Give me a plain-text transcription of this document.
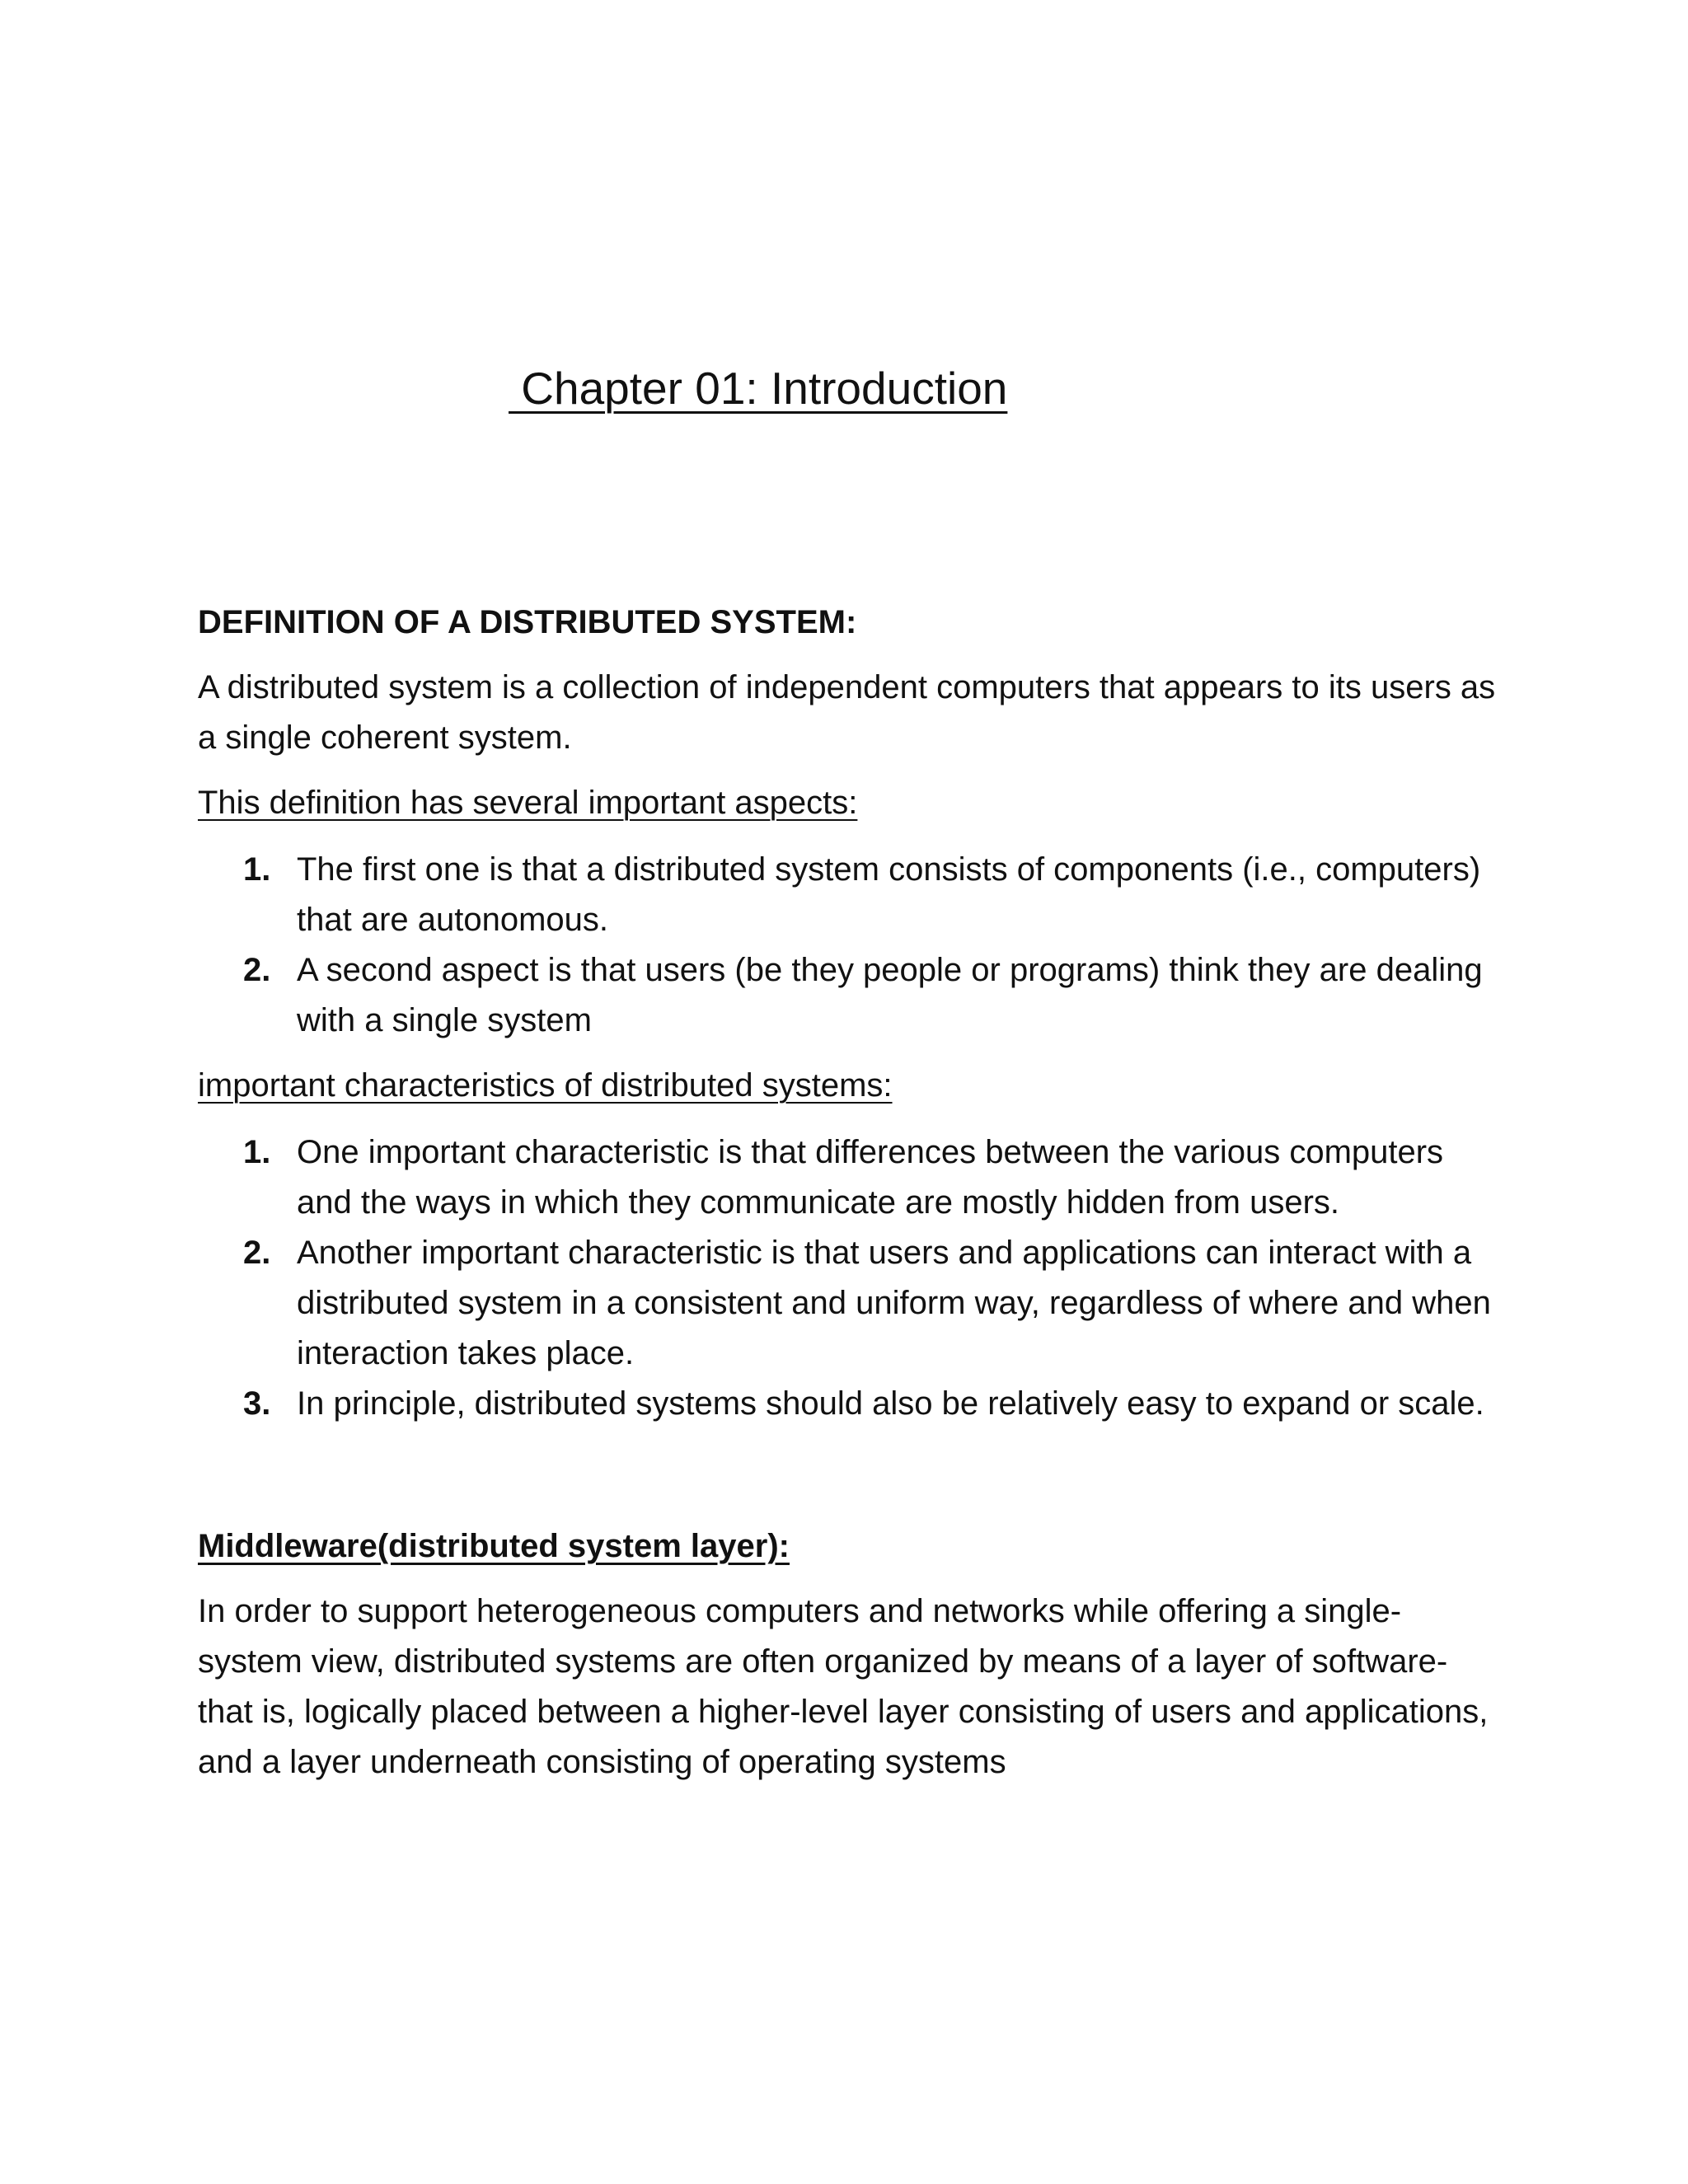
Chapter 01: Introduction

DEFINITION OF A DISTRIBUTED SYSTEM:

A distributed system is a collection of independent computers that appears to its users as a single coherent system.

This definition has several important aspects:

1. The first one is that a distributed system consists of components (i.e., computers) that are autonomous.
2. A second aspect is that users (be they people or programs) think they are dealing with a single system

important characteristics of distributed systems:

1. One important characteristic is that differences between the various computers and the ways in which they communicate are mostly hidden from users.
2. Another important characteristic is that users and applications can interact with a distributed system in a consistent and uniform way, regardless of where and when interaction takes place.
3. In principle, distributed systems should also be relatively easy to expand or scale.

Middleware(distributed system layer):

In order to support heterogeneous computers and networks while offering a single-system view, distributed systems are often organized by means of a layer of software-that is, logically placed between a higher-level layer consisting of users and applications, and a layer underneath consisting of operating systems
